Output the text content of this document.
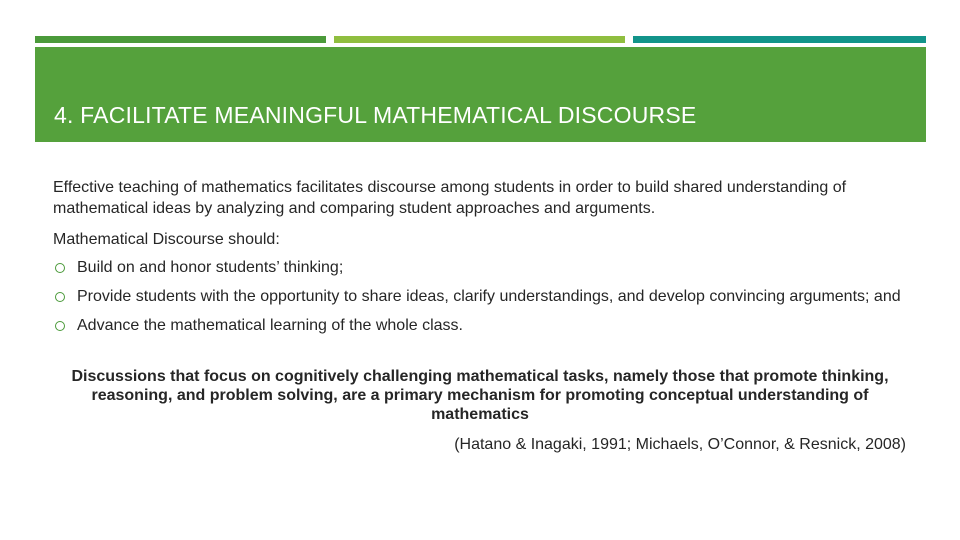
4. FACILITATE MEANINGFUL MATHEMATICAL DISCOURSE

Effective teaching of mathematics facilitates discourse among students in order to build shared understanding of mathematical ideas by analyzing and comparing student approaches and arguments.

Mathematical Discourse should:

Build on and honor students’ thinking;
Provide students with the opportunity to share ideas, clarify understandings, and develop convincing arguments; and
Advance the mathematical learning of the whole class.

Discussions that focus on cognitively challenging mathematical tasks, namely those that promote thinking, reasoning, and problem solving, are a primary mechanism for promoting conceptual understanding of mathematics

(Hatano & Inagaki, 1991; Michaels, O’Connor, & Resnick, 2008)
